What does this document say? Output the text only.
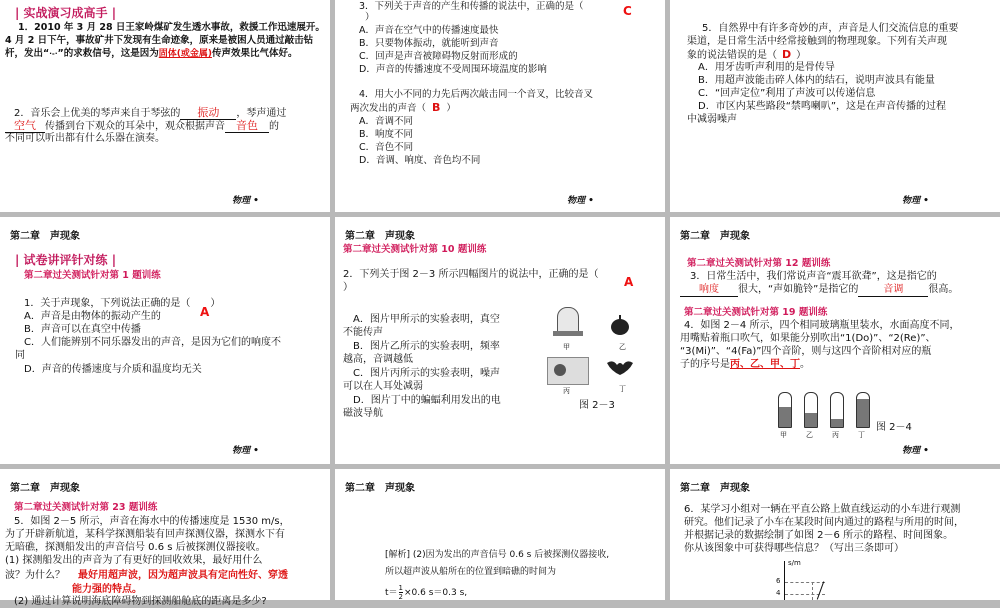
| 实战演习成高手 |
1．2010 年 3 月 28 日王家岭煤矿发生透水事故，救援工作迅速展开。
4 月 2 日下午，事故矿井下发现有生命迹象，原来是被困人员通过敲击钻
杆，发出“·-·”的求救信号，这是因为固体(或金属)传声效果比气体好。
2．音乐会上优美的琴声来自于琴弦的 振动 ，琴声通过
空气 传播到台下观众的耳朵中，观众根据声音 音色 的
不同可以听出都有什么乐器在演奏。
物理 •
3．下列关于声音的产生和传播的说法中，正确的是（	C
）
A．声音在空气中的传播速度最快
B．只要物体振动，就能听到声音
C．回声是声音被障碍物反射而形成的
D．声音的传播速度不受周围环境温度的影响
4．用大小不同的力先后两次敲击同一个音叉，比较音叉
两次发出的声音（ B ）
A．音调不同
B．响度不同
C．音色不同
D．音调、响度、音色均不同
物理 •
5．自然界中有许多奇妙的声，声音是人们交流信息的重要
渠道，是日常生活中经常接触到的物理现象。下列有关声现
象的说法错误的是（ D ）
A．用牙齿听声利用的是骨传导
B．用超声波能击碎人体内的结石，说明声波具有能量
C．“回声定位”利用了声波可以传递信息
D．市区内某些路段“禁鸣喇叭”，这是在声音传播的过程
中减弱噪声
物理 •
第二章　声现象
| 试卷讲评针对练 |
第二章过关测试针对第 1 题训练
1．关于声现象，下列说法正确的是（　　）
A
A．声音是由物体的振动产生的
B．声音可以在真空中传播
C．人们能辨别不同乐器发出的声音，是因为它们的响度不
同
D．声音的传播速度与介质和温度均无关
物理 •
第二章　声现象
第二章过关测试针对第 10 题训练
2．下列关于图 2－3 所示四幅图片的说法中，正确的是（
A
）
A．图片甲所示的实验表明，真空
不能传声
B．图片乙所示的实验表明，频率
越高，音调越低
C．图片丙所示的实验表明，噪声
可以在人耳处减弱
D．图片丁中的蝙蝠利用发出的电
磁波导航
甲	乙
丙	丁
图 2－3
第二章　声现象
第二章过关测试针对第 12 题训练
3．日常生活中，我们常说声音“震耳欲聋”，这是指它的
响度 很大，“声如脆铃”是指它的	音调	很高。
第二章过关测试针对第 19 题训练
4．如图 2－4 所示，四个相同玻璃瓶里装水，水面高度不同，
用嘴贴着瓶口吹气，如果能分别吹出“1(Do)”、“2(Re)”、
“3(Mi)”、“4(Fa)”四个音阶，则与这四个音阶相对应的瓶
子的序号是丙、乙、甲、丁。
甲	乙	丙	丁
图 2－4
物理 •
第二章　声现象
第二章过关测试针对第 23 题训练
5．如图 2－5 所示，声音在海水中的传播速度是 1530 m/s，
为了开辟新航道，某科学探测船装有回声探测仪器，探测水下有
无暗礁，探测船发出的声音信号 0.6 s 后被探测仪器接收。
(1) 探测船发出的声音为了有更好的回收效果，最好用什么
波？为什么？ 最好用超声波，因为超声波具有定向性好、穿透
能力强的特点。
(2) 通过计算说明海底障碍物到探测船舱底的距离是多少?
第二章　声现象
[解析] (2)因为发出的声音信号 0.6 s 后被探测仪器接收,
所以超声波从船所在的位置到暗礁的时间为
$t= \frac{1}{2} \times 0.6$ s＝0.3 s,
第二章　声现象
6．某学习小组对一辆在平直公路上做直线运动的小车进行观测
研究。他们记录了小车在某段时间内通过的路程与所用的时间，
并根据记录的数据绘制了如图 2－6 所示的路程、时间图象。
你从该图象中可获得哪些信息？（写出三条即可）
s/m
6
4
